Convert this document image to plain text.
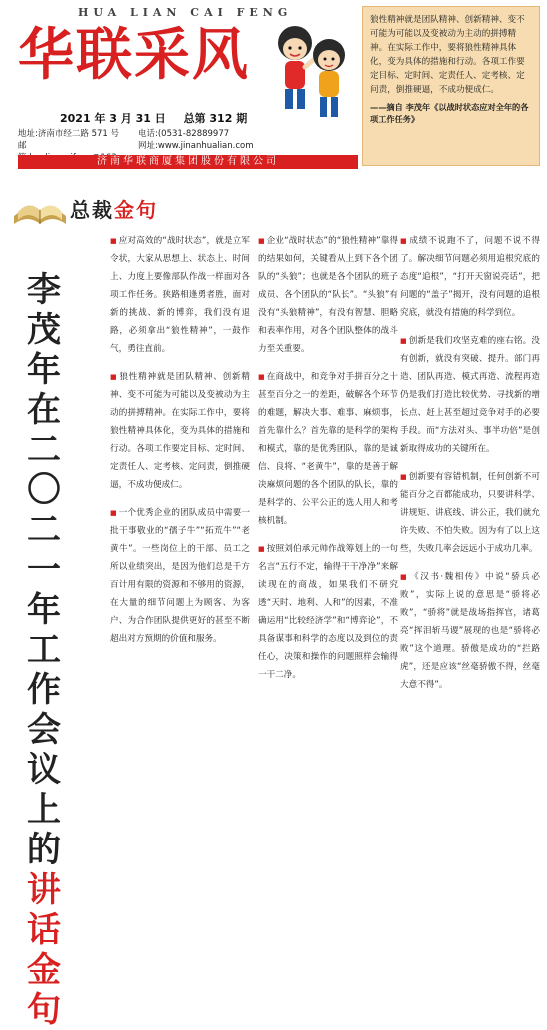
HUA LIAN CAI FENG
华联采风
2021 年 3 月 31 日 总第 312 期
地址:济南市经二路 571 号	电话:(0531-82889977
邮	网址:www.jinanhualian.com
济南华联商厦集团股份有限公司
狼性精神就是团队精神、创新精神、变不可能为可能以及变被动为主动的拼搏精神。在实际工作中，要将狼性精神具体化，变为具体的措施和行动。各项工作要定目标、定时间、定责任人、定考核、定问责，倒推硬逼，不成功便成仁。
——摘自 李茂年《以战时状态应对全年的各项工作任务》
总裁金句
李
茂
年
在
二
〇
二
一
年
工
作
会
议
上
的
讲
话
金
句

■ 应对高效的“战时状态”，就是立军令状，大家从思想上、状态上、时间上、力度上要像部队作战一样面对各项工作任务。狭路相逢勇者胜，面对新的挑战、新的博弈，我们没有退路，必须拿出“狼性精神”，一鼓作气，勇往直前。

■ 狼性精神就是团队精神、创新精神、变不可能为可能以及变被动为主动的拼搏精神。在实际工作中，要将狼性精神具体化，变为具体的措施和行动。各项工作要定目标、定时间、定责任人、定考核、定问责，倒推硬逼，不成功便成仁。

■ 一个优秀企业的团队成员中需要一批干事敬业的“孺子牛”“拓荒牛”“老黄牛”。一些岗位上的干部、员工之所以业绩突出，是因为他们总是千方百计用有限的资源和不够用的资源，在大量的细节问题上为顾客、为客户、为合作团队提供更好的甚至不断超出对方预期的价值和服务。

■ 企业“战时状态”的“狼性精神”靠得的结果如何，关键看从上到下各个团队的“头狼”；也就是各个团队的班子成员、各个团队的“队长”。“头狼”有没有“头狼精神”，有没有智慧、胆略和表率作用，对各个团队整体的战斗力至关重要。

■ 在商战中，和竞争对手拼百分之十甚至百分之一的差距，破解各个环节的难题，解决大事、难事、麻烦事，首先靠什么？首先靠的是科学的架构和模式，靠的是优秀团队，靠的是诚信、良将、“老黄牛”，靠的是善于解决麻烦问题的各个团队的队长，靠的是科学的、公平公正的选人用人和考核机制。

■ 按照刘伯承元帅作战筹划上的一句名言“五行不定，输得干干净净”来解读现在的商战，如果我们不研究透“天时、地利、人和”的因素，不准确运用“比较经济学”和“博弈论”，不具备谋事和科学的态度以及到位的责任心，决策和操作的问题照样会输得一干二净。

■ 成绩不说跑不了，问题不说不得了。解决细节问题必须用追根究底的态度“追根”，“打开天窗说亮话”，把问题的“盖子”揭开，没有问题的追根究底，就没有措施的科学到位。

■ 创新是我们攻坚克难的座右铭。没有创新，就没有突破、提升。部门再造、团队再造、模式再造、流程再造仍是我们打造比较优势、寻找新的增长点、赶上甚至超过竞争对手的必要手段。而“方法对头、事半功倍”是创新取得成功的关键所在。

■ 创新要有容错机制，任何创新不可能百分之百都能成功，只要讲科学、讲规矩、讲底线、讲公正，我们就允许失败、不怕失败。因为有了以上这些，失败几率会远远小于成功几率。

■ 《汉书·魏相传》中说“骄兵必败”，实际上说的意思是“骄将必败”，“骄将”就是战场指挥官，诸葛亮“挥泪斩马谡”展现的也是“骄将必败”这个道理。骄傲是成功的“拦路虎”，还是应该“丝毫骄傲不得，丝毫大意不得”。
